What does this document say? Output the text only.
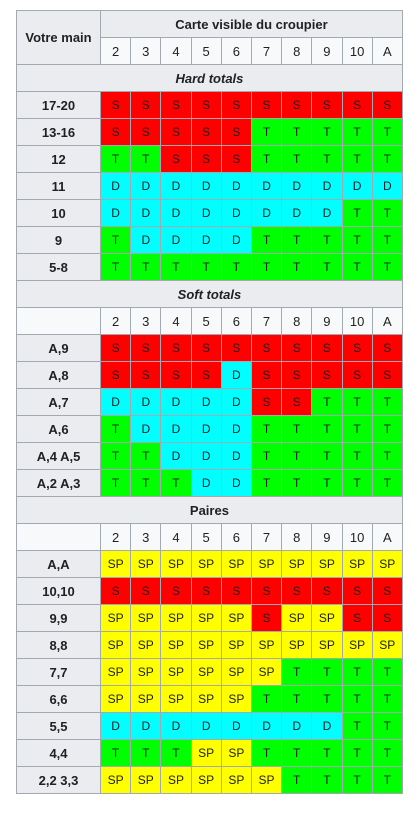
Votre main	Carte visible du croupier									
	2	3	4	5	6	7	8	9	10	A
Hard totals										
17-20	S	S	S	S	S	S	S	S	S	S
13-16	S	S	S	S	S	T	T	T	T	T
12	T	T	S	S	S	T	T	T	T	T
11	D	D	D	D	D	D	D	D	D	D
10	D	D	D	D	D	D	D	D	T	T
9	T	D	D	D	D	T	T	T	T	T
5-8	T	T	T	T	T	T	T	T	T	T
Soft totals										
	2	3	4	5	6	7	8	9	10	A
A,9	S	S	S	S	S	S	S	S	S	S
A,8	S	S	S	S	D	S	S	S	S	S
A,7	D	D	D	D	D	S	S	T	T	T
A,6	T	D	D	D	D	T	T	T	T	T
A,4 A,5	T	T	D	D	D	T	T	T	T	T
A,2 A,3	T	T	T	D	D	T	T	T	T	T
Paires										
	2	3	4	5	6	7	8	9	10	A
A,A	SP	SP	SP	SP	SP	SP	SP	SP	SP	SP
10,10	S	S	S	S	S	S	S	S	S	S
9,9	SP	SP	SP	SP	SP	S	SP	SP	S	S
8,8	SP	SP	SP	SP	SP	SP	SP	SP	SP	SP
7,7	SP	SP	SP	SP	SP	SP	T	T	T	T
6,6	SP	SP	SP	SP	SP	T	T	T	T	T
5,5	D	D	D	D	D	D	D	D	T	T
4,4	T	T	T	SP	SP	T	T	T	T	T
2,2 3,3	SP	SP	SP	SP	SP	SP	T	T	T	T
